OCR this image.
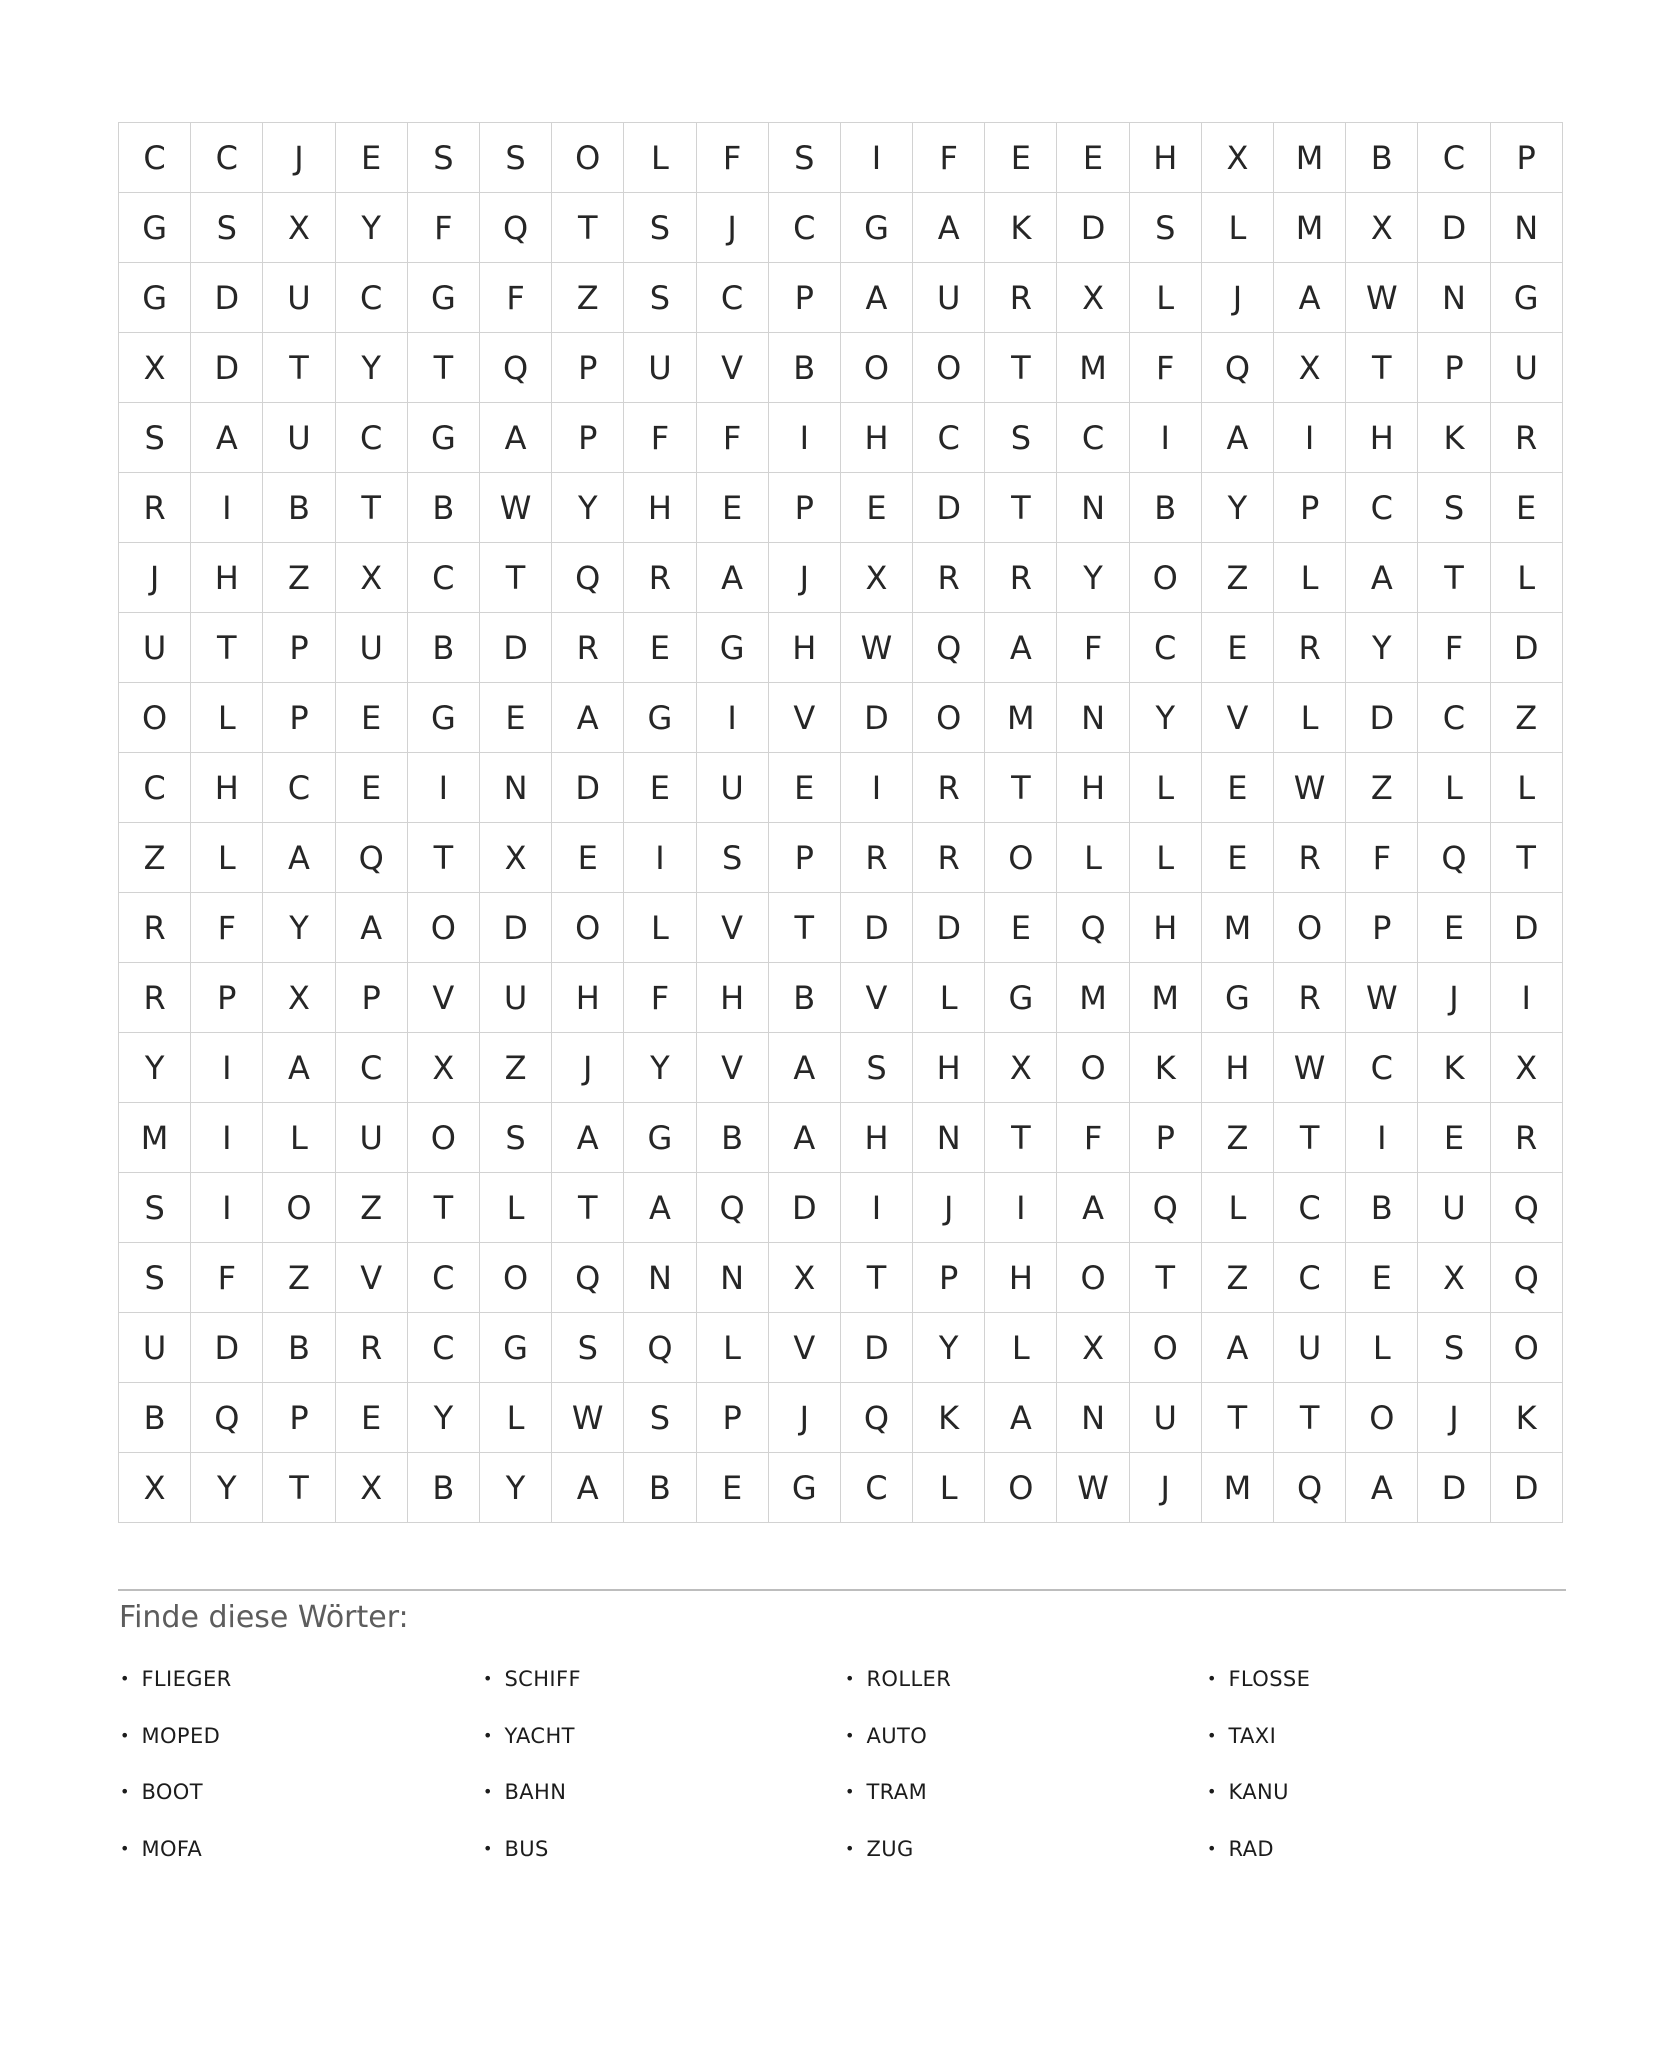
C	C	J	E	S	S	O	L	F	S	I	F	E	E	H	X	M	B	C	P
G	S	X	Y	F	Q	T	S	J	C	G	A	K	D	S	L	M	X	D	N
G	D	U	C	G	F	Z	S	C	P	A	U	R	X	L	J	A	W	N	G
X	D	T	Y	T	Q	P	U	V	B	O	O	T	M	F	Q	X	T	P	U
S	A	U	C	G	A	P	F	F	I	H	C	S	C	I	A	I	H	K	R
R	I	B	T	B	W	Y	H	E	P	E	D	T	N	B	Y	P	C	S	E
J	H	Z	X	C	T	Q	R	A	J	X	R	R	Y	O	Z	L	A	T	L
U	T	P	U	B	D	R	E	G	H	W	Q	A	F	C	E	R	Y	F	D
O	L	P	E	G	E	A	G	I	V	D	O	M	N	Y	V	L	D	C	Z
C	H	C	E	I	N	D	E	U	E	I	R	T	H	L	E	W	Z	L	L
Z	L	A	Q	T	X	E	I	S	P	R	R	O	L	L	E	R	F	Q	T
R	F	Y	A	O	D	O	L	V	T	D	D	E	Q	H	M	O	P	E	D
R	P	X	P	V	U	H	F	H	B	V	L	G	M	M	G	R	W	J	I
Y	I	A	C	X	Z	J	Y	V	A	S	H	X	O	K	H	W	C	K	X
M	I	L	U	O	S	A	G	B	A	H	N	T	F	P	Z	T	I	E	R
S	I	O	Z	T	L	T	A	Q	D	I	J	I	A	Q	L	C	B	U	Q
S	F	Z	V	C	O	Q	N	N	X	T	P	H	O	T	Z	C	E	X	Q
U	D	B	R	C	G	S	Q	L	V	D	Y	L	X	O	A	U	L	S	O
B	Q	P	E	Y	L	W	S	P	J	Q	K	A	N	U	T	T	O	J	K
X	Y	T	X	B	Y	A	B	E	G	C	L	O	W	J	M	Q	A	D	D
Finde diese Wörter:
• FLIEGER
• MOPED
• BOOT
• MOFA
• SCHIFF
• YACHT
• BAHN
• BUS
• ROLLER
• AUTO
• TRAM
• ZUG
• FLOSSE
• TAXI
• KANU
• RAD
